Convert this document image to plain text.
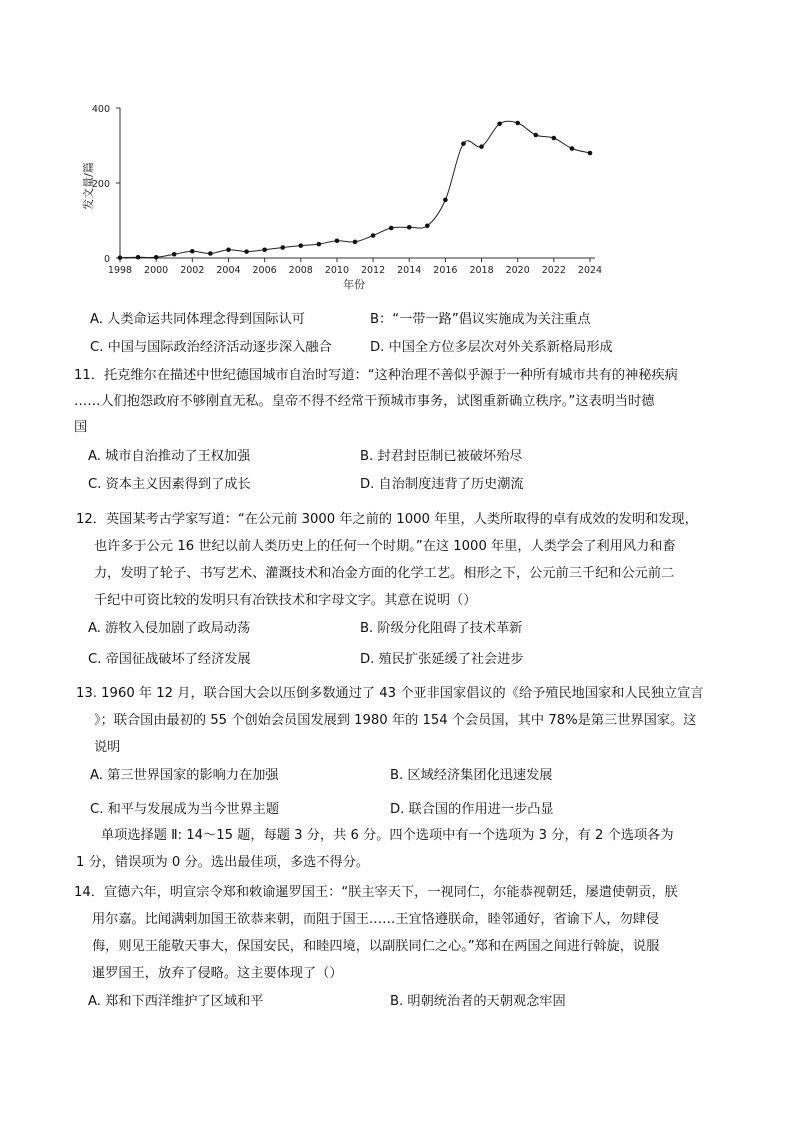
400
200
0
发文量/篇
1998 2000 2002 2004 2006 2008 2010 2012 2014 2016 2018 2020 2022 2024
年份
A. 人类命运共同体理念得到国际认可	B：“一带一路”倡议实施成为关注重点
C. 中国与国际政治经济活动逐步深入融合	D. 中国全方位多层次对外关系新格局形成
11．托克维尔在描述中世纪德国城市自治时写道：“这种治理不善似乎源于一种所有城市共有的神秘疾病
……人们抱怨政府不够刚直无私。皇帝不得不经常干预城市事务，试图重新确立秩序。”这表明当时德
国
A. 城市自治推动了王权加强	B. 封君封臣制已被破坏殆尽
C. 资本主义因素得到了成长	D. 自治制度违背了历史潮流
12．英国某考古学家写道：“在公元前 3000 年之前的 1000 年里，人类所取得的卓有成效的发明和发现，
也许多于公元 16 世纪以前人类历史上的任何一个时期。”在这 1000 年里，人类学会了利用风力和畜
力，发明了轮子、书写艺术、灌溉技术和冶金方面的化学工艺。相形之下，公元前三千纪和公元前二
千纪中可资比较的发明只有冶铁技术和字母文字。其意在说明（）
A. 游牧入侵加剧了政局动荡	B. 阶级分化阻碍了技术革新
C. 帝国征战破坏了经济发展	D. 殖民扩张延缓了社会进步
13. 1960 年 12 月，联合国大会以压倒多数通过了 43 个亚非国家倡议的《给予殖民地国家和人民独立宣言
》；联合国由最初的 55 个创始会员国发展到 1980 年的 154 个会员国，其中 78%是第三世界国家。这
说明
A. 第三世界国家的影响力在加强	B. 区域经济集团化迅速发展
C. 和平与发展成为当今世界主题	D. 联合国的作用进一步凸显
单项选择题 Ⅱ: 14～15 题，每题 3 分，共 6 分。四个选项中有一个选项为 3 分，有 2 个选项各为
1 分，错误项为 0 分。选出最佳项，多选不得分。
14．宣德六年，明宣宗令郑和敕谕暹罗国王：“朕主宰天下，一视同仁，尔能恭视朝廷，屡遣使朝贡，朕
用尔嘉。比闻满剌加国王欲恭来朝，而阻于国王……王宜恪遵朕命，睦邻通好，省谕下人，勿肆侵
侮，则见王能敬天事大，保国安民，和睦四境，以副朕同仁之心。”郑和在两国之间进行斡旋，说服
暹罗国王，放弃了侵略。这主要体现了（）
A. 郑和下西洋维护了区域和平	B. 明朝统治者的天朝观念牢固
